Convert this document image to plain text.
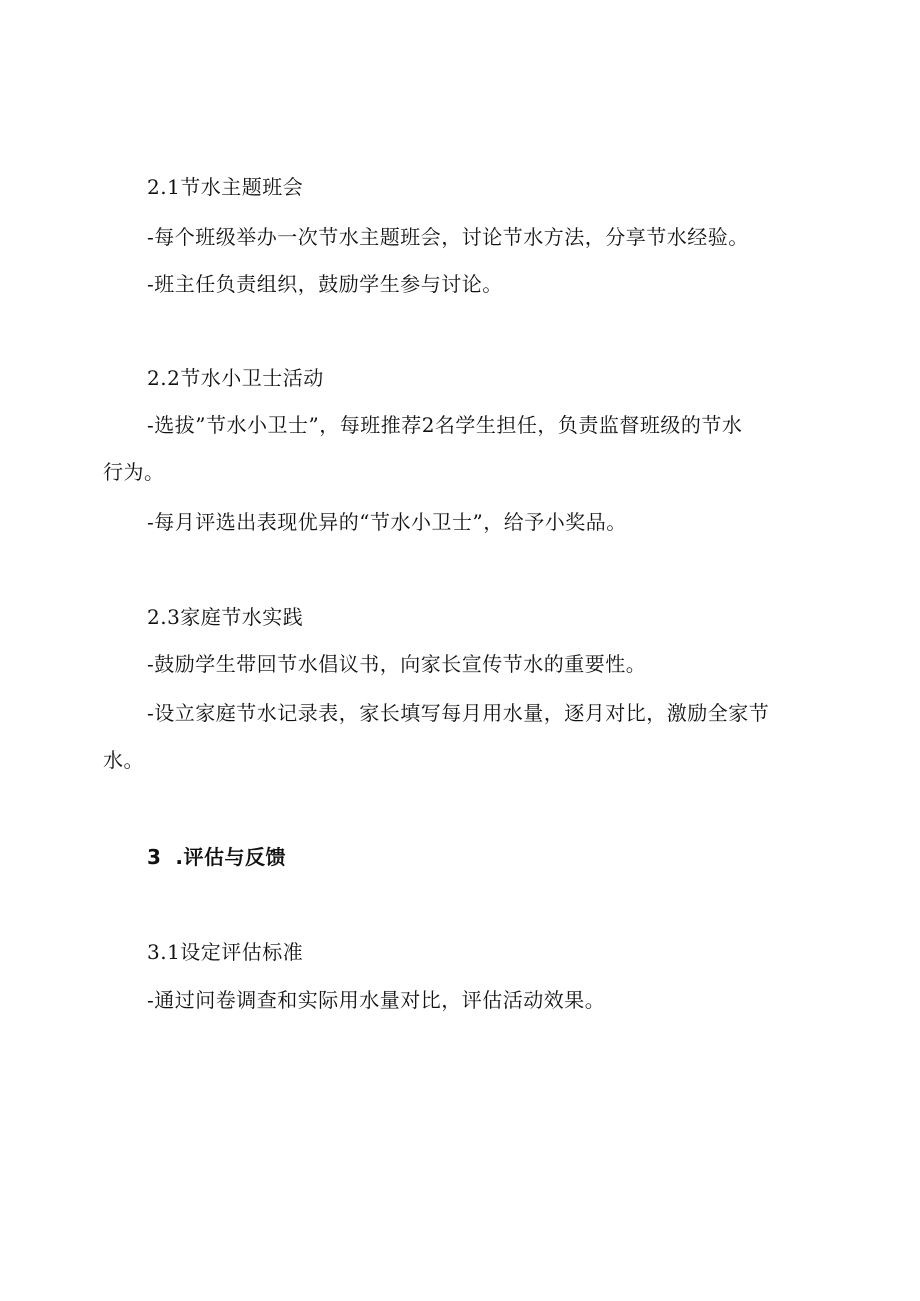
2.1节水主题班会
-每个班级举办一次节水主题班会，讨论节水方法，分享节水经验。
-班主任负责组织，鼓励学生参与讨论。
2.2节水小卫士活动
-选拔”节水小卫士”，每班推荐2名学生担任，负责监督班级的节水
行为。
-每月评选出表现优异的“节水小卫士”，给予小奖品。
2.3家庭节水实践
-鼓励学生带回节水倡议书，向家长宣传节水的重要性。
-设立家庭节水记录表，家长填写每月用水量，逐月对比，激励全家节
水。
3 .评估与反馈
3.1设定评估标准
-通过问卷调查和实际用水量对比，评估活动效果。
